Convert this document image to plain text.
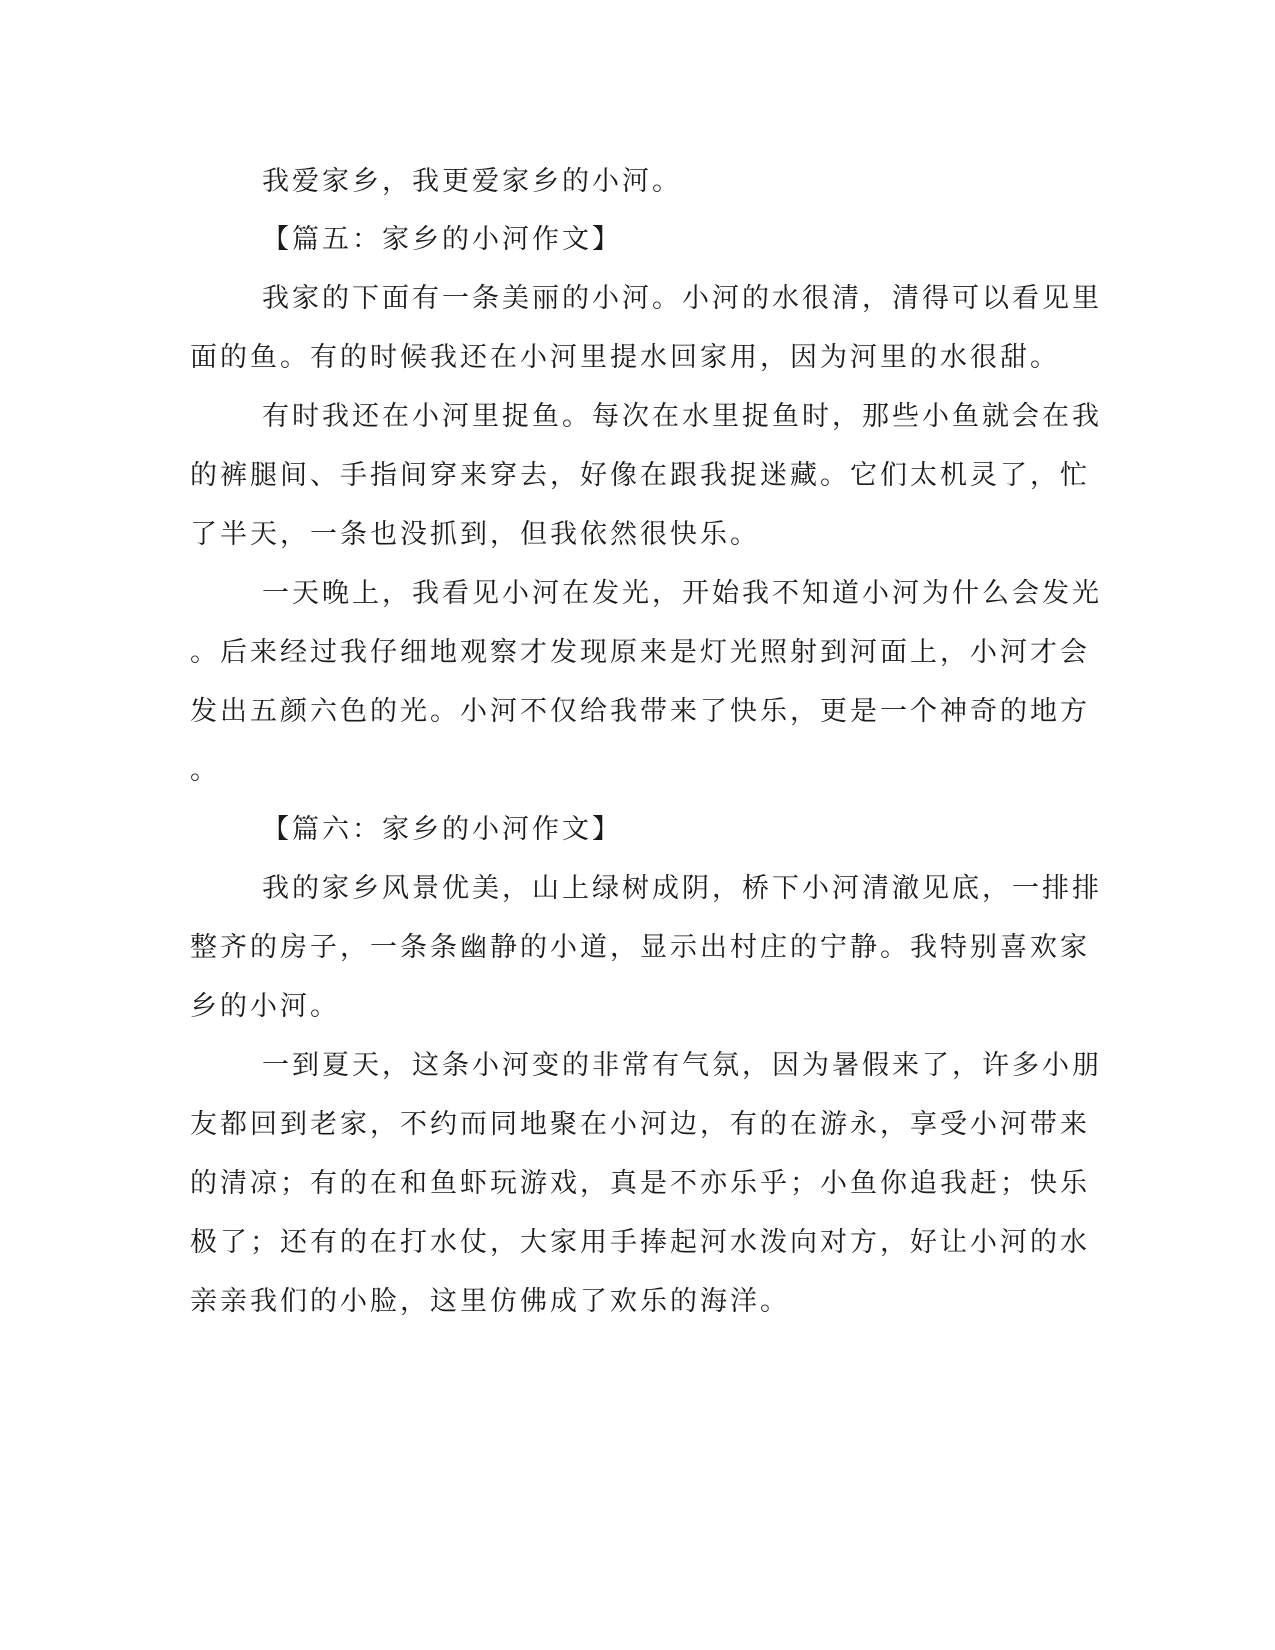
我爱家乡，我更爱家乡的小河。
【篇五：家乡的小河作文】
我家的下面有一条美丽的小河。小河的水很清，清得可以看见里
面的鱼。有的时候我还在小河里提水回家用，因为河里的水很甜。
有时我还在小河里捉鱼。每次在水里捉鱼时，那些小鱼就会在我
的裤腿间、手指间穿来穿去，好像在跟我捉迷藏。它们太机灵了，忙
了半天，一条也没抓到，但我依然很快乐。
一天晚上，我看见小河在发光，开始我不知道小河为什么会发光
。后来经过我仔细地观察才发现原来是灯光照射到河面上，小河才会
发出五颜六色的光。小河不仅给我带来了快乐，更是一个神奇的地方
。
【篇六：家乡的小河作文】
我的家乡风景优美，山上绿树成阴，桥下小河清澈见底，一排排
整齐的房子，一条条幽静的小道，显示出村庄的宁静。我特别喜欢家
乡的小河。
一到夏天，这条小河变的非常有气氛，因为暑假来了，许多小朋
友都回到老家，不约而同地聚在小河边，有的在游永，享受小河带来
的清凉；有的在和鱼虾玩游戏，真是不亦乐乎；小鱼你追我赶；快乐
极了；还有的在打水仗，大家用手捧起河水泼向对方，好让小河的水
亲亲我们的小脸，这里仿佛成了欢乐的海洋。
